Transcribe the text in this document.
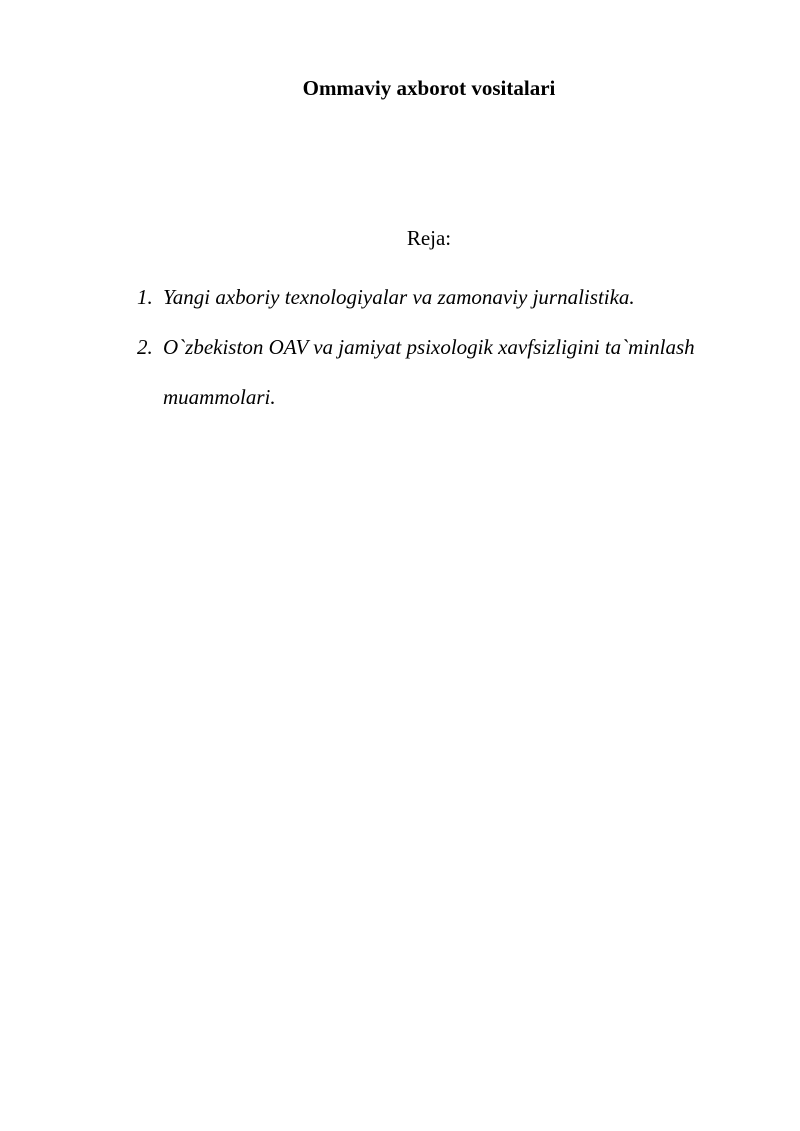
Ommaviy axborot vositalari

Reja:

1. Yangi axboriy texnologiyalar va zamonaviy jurnalistika.
2. O`zbekiston OAV va jamiyat psixologik xavfsizligini ta`minlash muammolari.
